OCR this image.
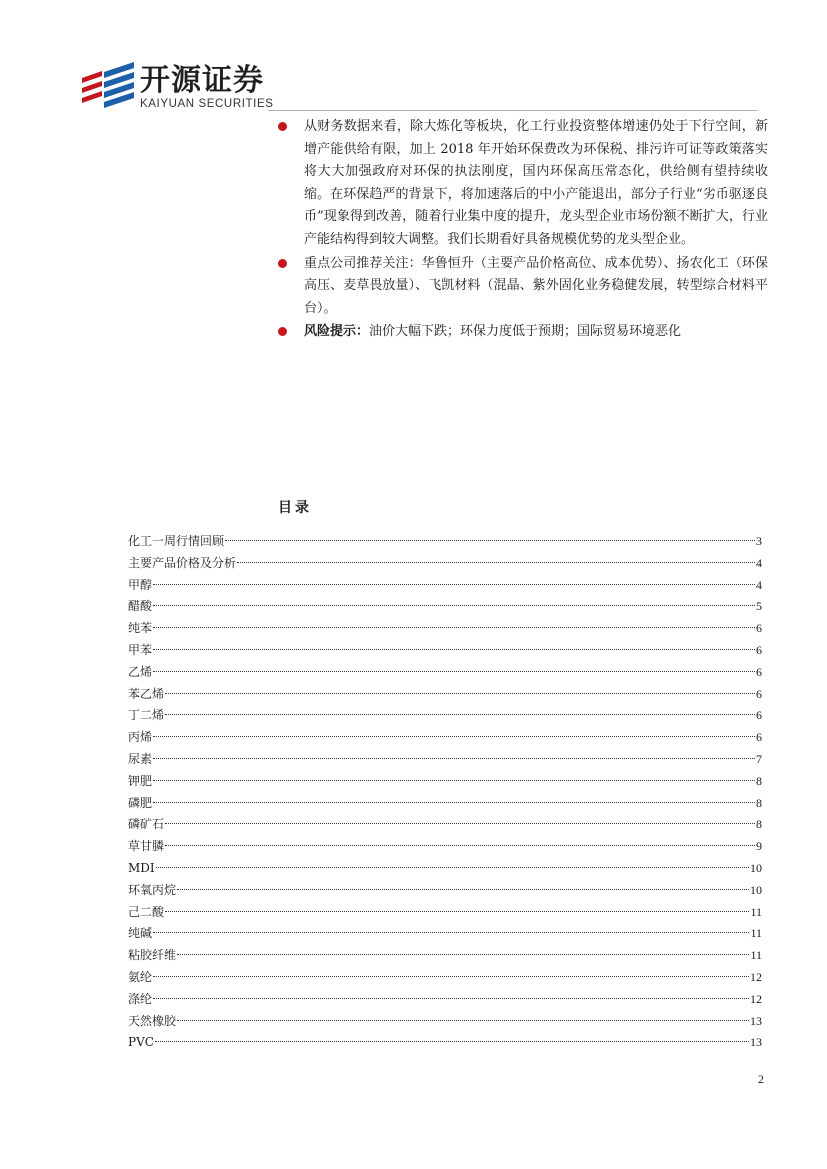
开源证券
KAIYUAN SECURITIES
从财务数据来看，除大炼化等板块，化工行业投资整体增速仍处于下行空间，新增产能供给有限，加上 2018 年开始环保费改为环保税、排污许可证等政策落实将大大加强政府对环保的执法刚度，国内环保高压常态化，供给侧有望持续收缩。在环保趋严的背景下，将加速落后的中小产能退出，部分子行业“劣币驱逐良币”现象得到改善，随着行业集中度的提升，龙头型企业市场份额不断扩大，行业产能结构得到较大调整。我们长期看好具备规模优势的龙头型企业。
重点公司推荐关注：华鲁恒升（主要产品价格高位、成本优势）、扬农化工（环保高压、麦草畏放量）、飞凯材料（混晶、紫外固化业务稳健发展，转型综合材料平台）。
风险提示：油价大幅下跌；环保力度低于预期；国际贸易环境恶化
目录
化工一周行情回顾	3
主要产品价格及分析	4
甲醇	4
醋酸	5
纯苯	6
甲苯	6
乙烯	6
苯乙烯	6
丁二烯	6
丙烯	6
尿素	7
钾肥	8
磷肥	8
磷矿石	8
草甘膦	9
MDI	10
环氧丙烷	10
己二酸	11
纯碱	11
粘胶纤维	11
氨纶	12
涤纶	12
天然橡胶	13
PVC	13
2
